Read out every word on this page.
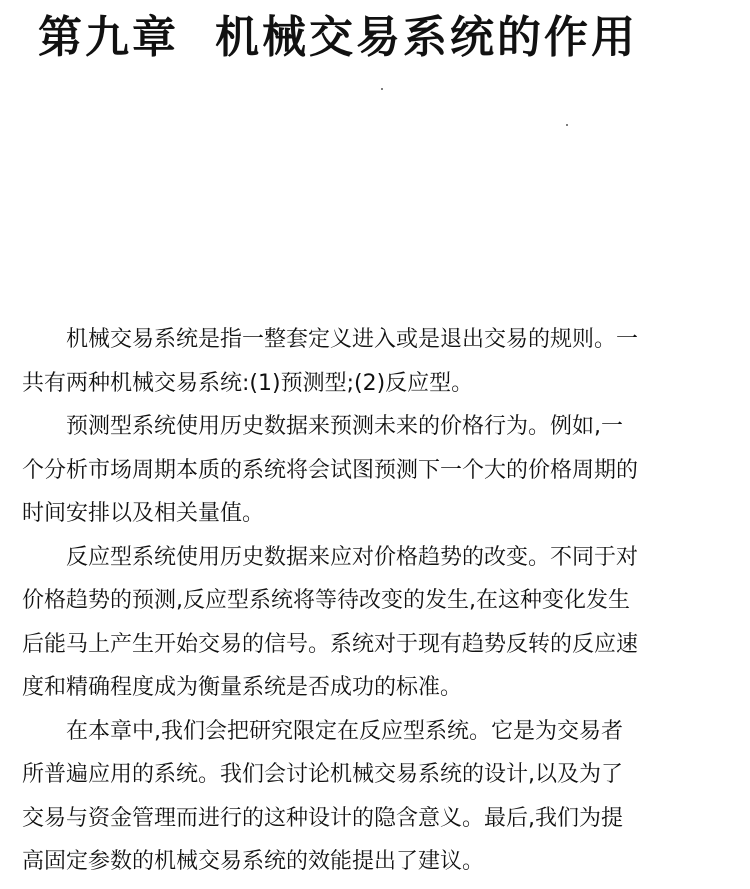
第九章 机械交易系统的作用

机械交易系统是指一整套定义进入或是退出交易的规则。一
共有两种机械交易系统:(1)预测型;(2)反应型。

预测型系统使用历史数据来预测未来的价格行为。例如,一
个分析市场周期本质的系统将会试图预测下一个大的价格周期的
时间安排以及相关量值。

反应型系统使用历史数据来应对价格趋势的改变。不同于对
价格趋势的预测,反应型系统将等待改变的发生,在这种变化发生
后能马上产生开始交易的信号。系统对于现有趋势反转的反应速
度和精确程度成为衡量系统是否成功的标准。

在本章中,我们会把研究限定在反应型系统。它是为交易者
所普遍应用的系统。我们会讨论机械交易系统的设计,以及为了
交易与资金管理而进行的这种设计的隐含意义。最后,我们为提
高固定参数的机械交易系统的效能提出了建议。
